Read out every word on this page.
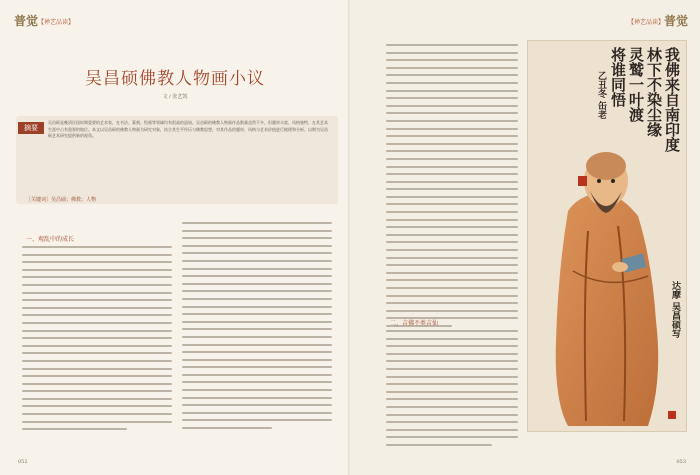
普觉【禅艺品读】
吴昌硕佛教人物画小议
文 / 张艺凯
摘要
吴昌硕是晚清民国时期重要的艺术家，在书法、篆刻、绘画等领域均有很高的造诣。吴昌硕的佛教人物画作品数量虽然不多，但题材丰富、风格独特，在其艺术生涯中占有重要的地位。本文以吴昌硕的佛教人物画为研究对象，结合其生平经历与佛教思想，对其作品的题材、风格与艺术价值进行梳理和分析，以期为吴昌硕艺术研究提供新的视角。
［关键词］吴昌硕；佛教；人物
一、观乱中的成长
052
【禅艺品读】普觉
二、吉佛不类吉仙
053
我佛来自南印度
林下不染尘缘
灵鹫一叶渡
将谁同悟
乙丑冬 缶老
达摩 吴昌硕写
